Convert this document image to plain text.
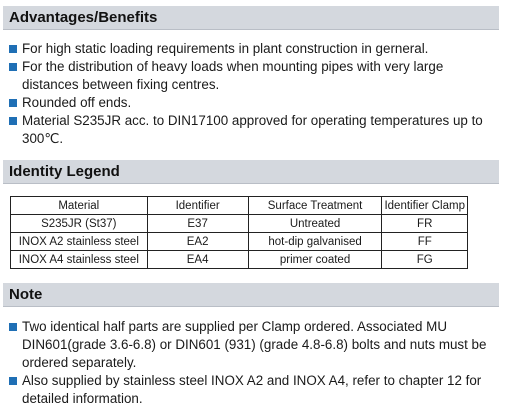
Advantages/Benefits
For high static loading requirements in plant construction in gerneral.
For the distribution of heavy loads when mounting pipes with very large distances between fixing centres.
Rounded off ends.
Material S235JR acc. to DIN17100 approved for operating temperatures up to 300℃.
Identity Legend
Material	Identifier	Surface Treatment	Identifier Clamp
S235JR (St37)	E37	Untreated	FR
INOX A2 stainless steel	EA2	hot-dip galvanised	FF
INOX A4 stainless steel	EA4	primer coated	FG
Note
Two identical half parts are supplied per Clamp ordered. Associated MU DIN601(grade 3.6-6.8) or DIN601 (931) (grade 4.8-6.8) bolts and nuts must be ordered separately.
Also supplied by stainless steel INOX A2 and INOX A4, refer to chapter 12 for detailed information.
